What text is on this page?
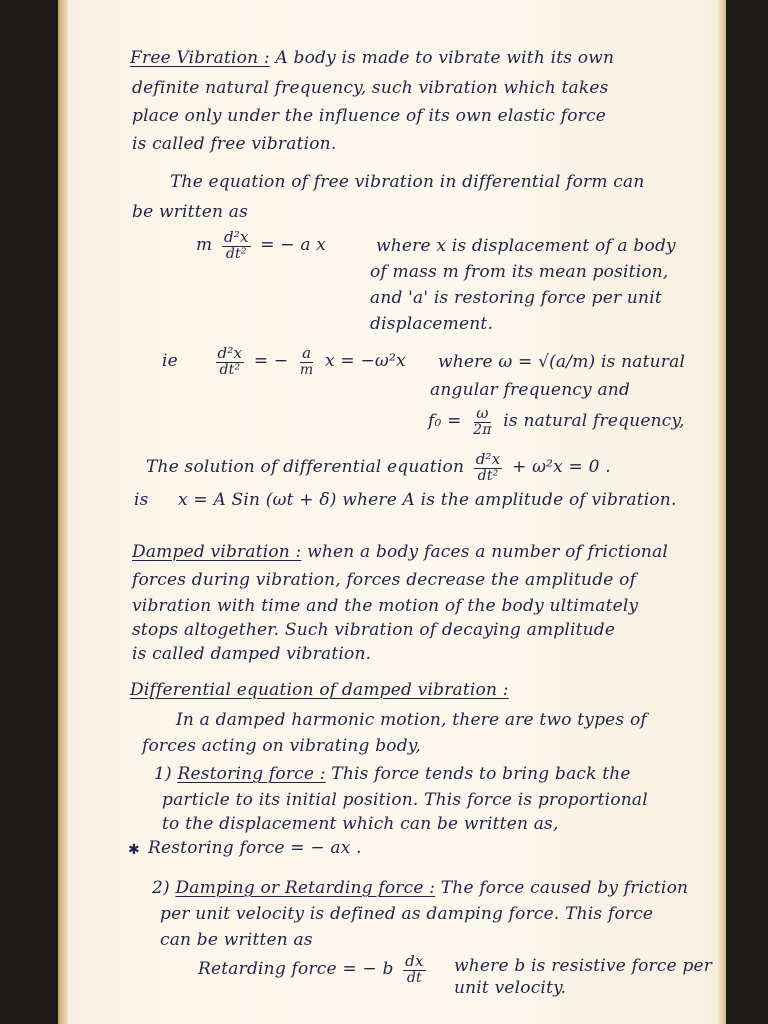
Free Vibration : A body is made to vibrate with its own
definite natural frequency, such vibration which takes
place only under the influence of its own elastic force
is called free vibration.
The equation of free vibration in differential form can
be written as
m $\frac{\text{d²x}}{\text{dt²}}$ = − a x	where x is displacement of a body
of mass m from its mean position,
and 'a' is restoring force per unit
displacement.
ie	$\frac{\text{d²x}}{\text{dt²}}$ = − $\frac{a}{m}$ x = −ω²x where ω = √(a/m) is natural
angular frequency and
$f_0 = \frac{\omega}{2\pi}$ is natural frequency,
The solution of differential equation $\frac{\text{d²x}}{\text{dt²}} + \omega^2x = 0$ .
is x = A Sin (ωt + δ) where A is the amplitude of vibration.
Damped vibration : when a body faces a number of frictional
forces during vibration, forces decrease the amplitude of
vibration with time and the motion of the body ultimately
stops altogether. Such vibration of decaying amplitude
is called damped vibration.
Differential equation of damped vibration :
In a damped harmonic motion, there are two types of
forces acting on vibrating body,
1) Restoring force : This force tends to bring back the
particle to its initial position. This force is proportional
to the displacement which can be written as,
✱ Restoring force = − ax .
2) Damping or Retarding force : The force caused by friction
per unit velocity is defined as damping force. This force
can be written as
Retarding force = − b $\frac{dx}{dt}$ where b is resistive force per
unit velocity.
